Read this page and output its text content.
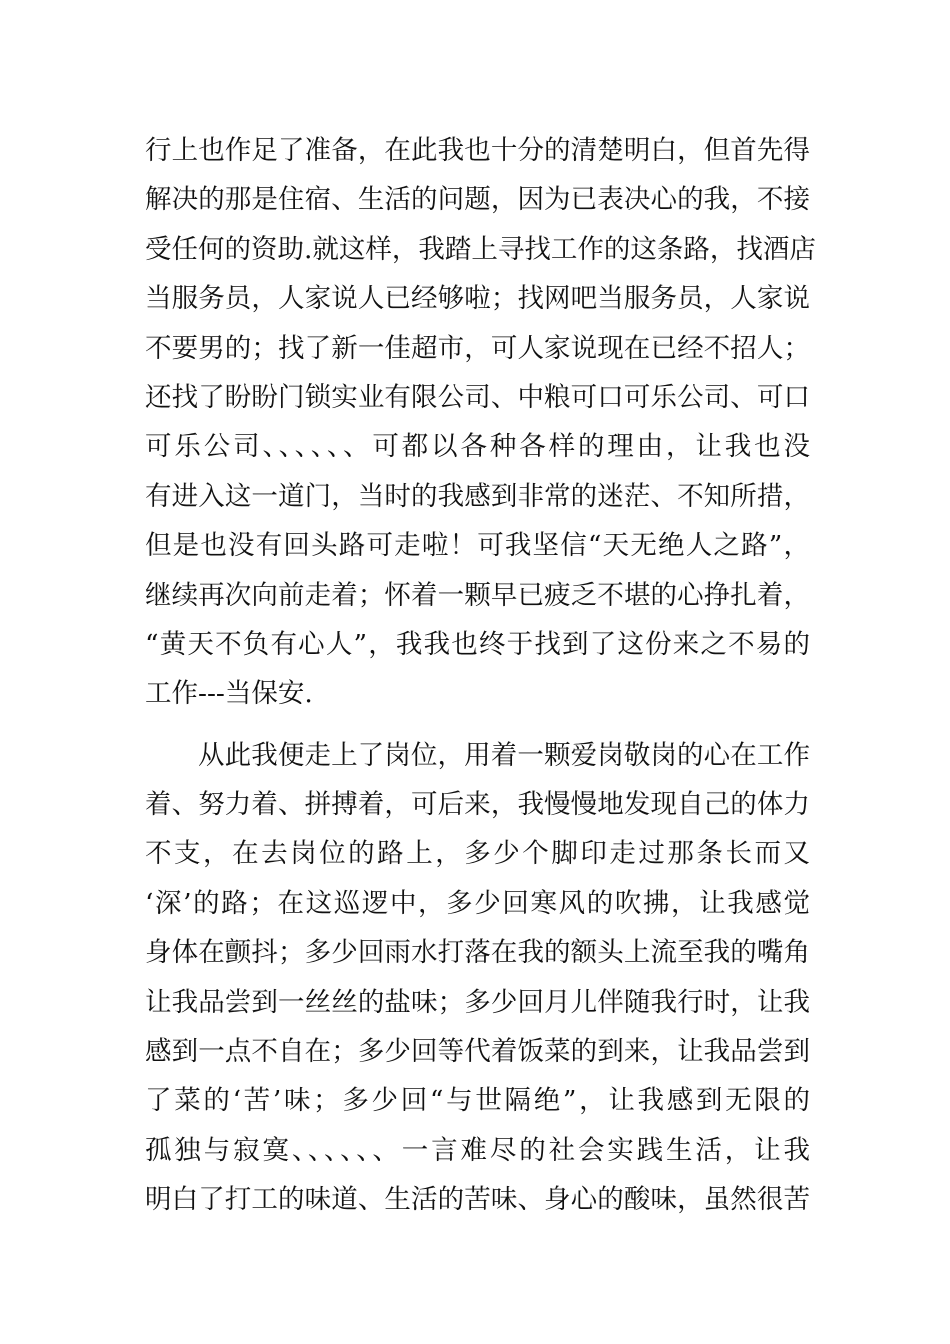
行上也作足了准备，在此我也十分的清楚明白，但首先得
解决的那是住宿、生活的问题，因为已表决心的我，不接
受任何的资助.就这样，我踏上寻找工作的这条路，找酒店
当服务员，人家说人已经够啦；找网吧当服务员，人家说
不要男的；找了新一佳超市，可人家说现在已经不招人；
还找了盼盼门锁实业有限公司、中粮可口可乐公司、可口
可乐公司、、、、、、可都以各种各样的理由，让我也没
有进入这一道门，当时的我感到非常的迷茫、不知所措，
但是也没有回头路可走啦！可我坚信“天无绝人之路”，
继续再次向前走着；怀着一颗早已疲乏不堪的心挣扎着，
“黄天不负有心人”，我我也终于找到了这份来之不易的
工作---当保安.
从此我便走上了岗位，用着一颗爱岗敬岗的心在工作
着、努力着、拼搏着，可后来，我慢慢地发现自己的体力
不支，在去岗位的路上，多少个脚印走过那条长而又
‘深’的路；在这巡逻中，多少回寒风的吹拂，让我感觉
身体在颤抖；多少回雨水打落在我的额头上流至我的嘴角
让我品尝到一丝丝的盐味；多少回月儿伴随我行时，让我
感到一点不自在；多少回等代着饭菜的到来，让我品尝到
了菜的‘苦’味；多少回“与世隔绝”，让我感到无限的
孤独与寂寞、、、、、、一言难尽的社会实践生活，让我
明白了打工的味道、生活的苦味、身心的酸味，虽然很苦
